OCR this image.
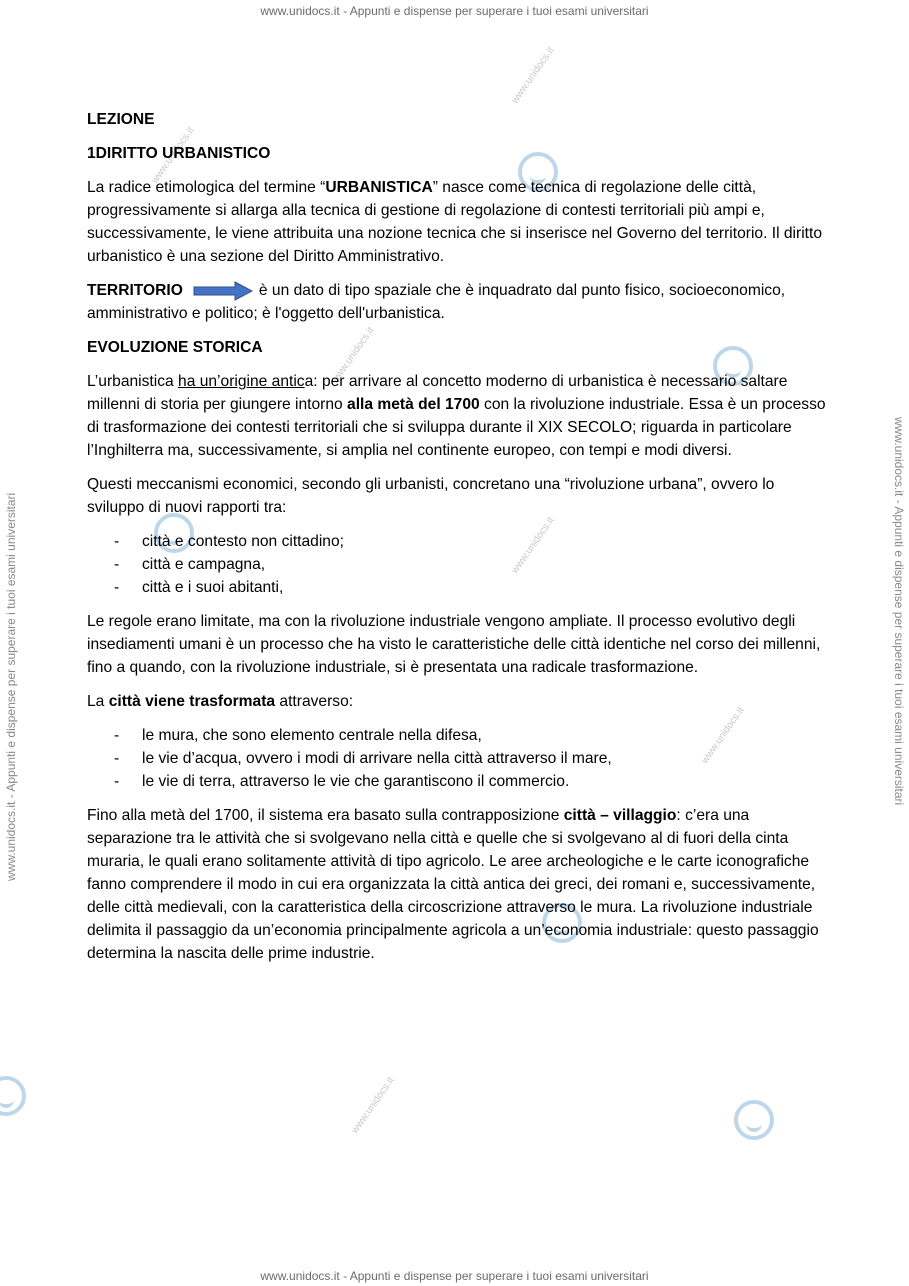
www.unidocs.it - Appunti e dispense per superare i tuoi esami universitari
www.unidocs.it - Appunti e dispense per superare i tuoi esami universitari
www.unidocs.it - Appunti e dispense per superare i tuoi esami universitari	www.unidocs.it - Appunti e dispense per superare i tuoi esami universitari
www.unidocs.it
www.unidocs.it
www.unidocs.it
www.unidocs.it
www.unidocs.it
www.unidocs.it

LEZIONE

1DIRITTO URBANISTICO

La radice etimologica del termine “URBANISTICA” nasce come tecnica di regolazione delle città, progressivamente si allarga alla tecnica di gestione di regolazione di contesti territoriali più ampi e, successivamente, le viene attribuita una nozione tecnica che si inserisce nel Governo del territorio. Il diritto urbanistico è una sezione del Diritto Amministrativo.

TERRITORIO	è un dato di tipo spaziale che è inquadrato dal punto fisico, socioeconomico, amministrativo e politico; è l'oggetto dell'urbanistica.

EVOLUZIONE STORICA

L’urbanistica ha un’origine antica: per arrivare al concetto moderno di urbanistica è necessario saltare millenni di storia per giungere intorno alla metà del 1700 con la rivoluzione industriale. Essa è un processo di trasformazione dei contesti territoriali che si sviluppa durante il XIX SECOLO; riguarda in particolare l’Inghilterra ma, successivamente, si amplia nel continente europeo, con tempi e modi diversi.

Questi meccanismi economici, secondo gli urbanisti, concretano una “rivoluzione urbana”, ovvero lo sviluppo di nuovi rapporti tra:

- città e contesto non cittadino;
- città e campagna,
- città e i suoi abitanti,

Le regole erano limitate, ma con la rivoluzione industriale vengono ampliate. Il processo evolutivo degli insediamenti umani è un processo che ha visto le caratteristiche delle città identiche nel corso dei millenni, fino a quando, con la rivoluzione industriale, si è presentata una radicale trasformazione.

La città viene trasformata attraverso:

- le mura, che sono elemento centrale nella difesa,
- le vie d’acqua, ovvero i modi di arrivare nella città attraverso il mare,
- le vie di terra, attraverso le vie che garantiscono il commercio.

Fino alla metà del 1700, il sistema era basato sulla contrapposizione città – villaggio: c’era una separazione tra le attività che si svolgevano nella città e quelle che si svolgevano al di fuori della cinta muraria, le quali erano solitamente attività di tipo agricolo. Le aree archeologiche e le carte iconografiche fanno comprendere il modo in cui era organizzata la città antica dei greci, dei romani e, successivamente, delle città medievali, con la caratteristica della circoscrizione attraverso le mura. La rivoluzione industriale delimita il passaggio da un’economia principalmente agricola a un’economia industriale: questo passaggio determina la nascita delle prime industrie.
